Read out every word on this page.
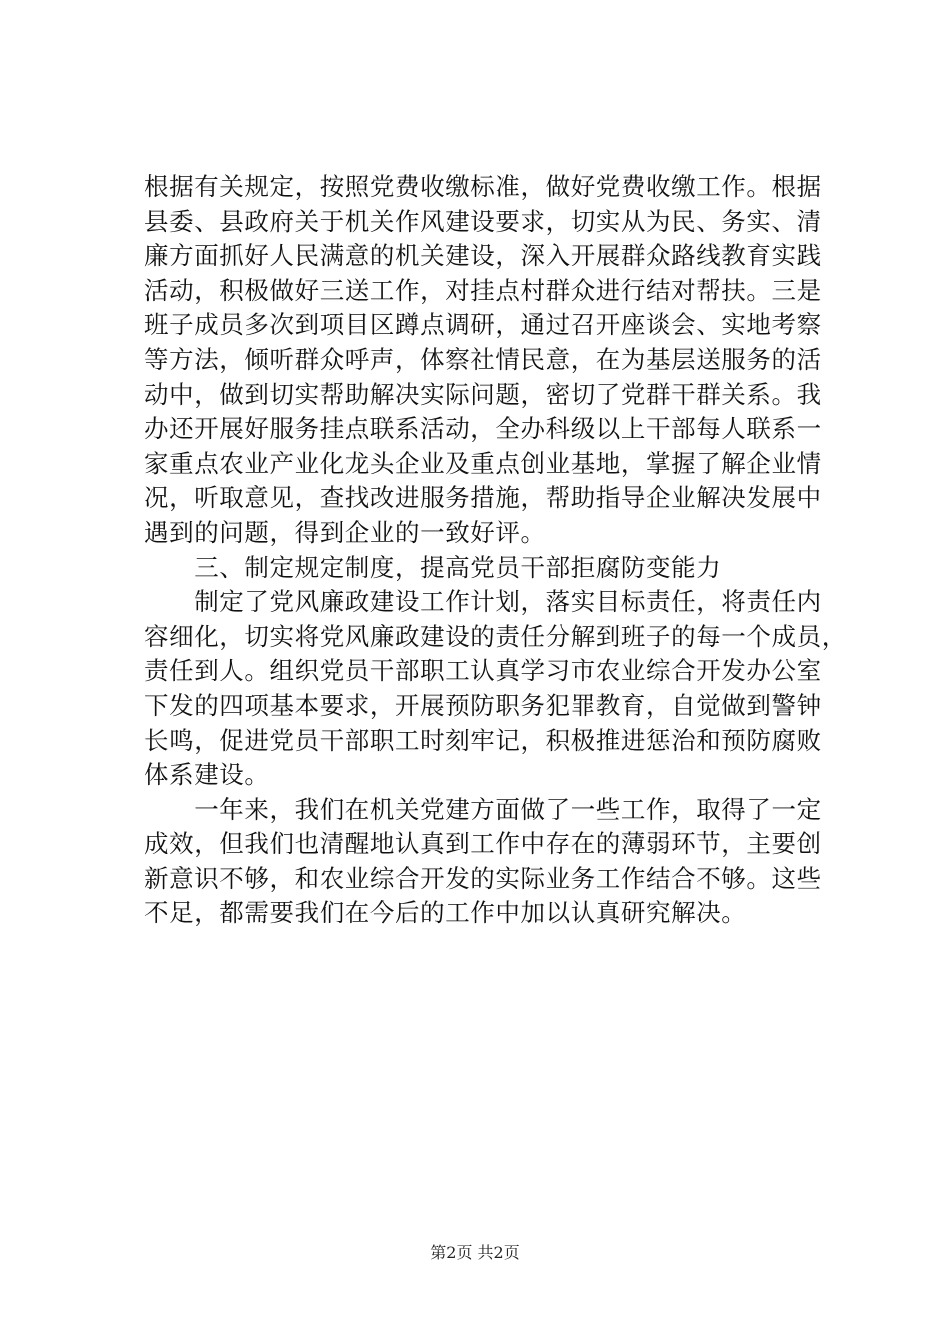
根据有关规定，按照党费收缴标准，做好党费收缴工作。根据
县委、县政府关于机关作风建设要求，切实从为民、务实、清
廉方面抓好人民满意的机关建设，深入开展群众路线教育实践
活动，积极做好三送工作，对挂点村群众进行结对帮扶。三是
班子成员多次到项目区蹲点调研，通过召开座谈会、实地考察
等方法，倾听群众呼声，体察社情民意，在为基层送服务的活
动中，做到切实帮助解决实际问题，密切了党群干群关系。我
办还开展好服务挂点联系活动，全办科级以上干部每人联系一
家重点农业产业化龙头企业及重点创业基地，掌握了解企业情
况，听取意见，查找改进服务措施，帮助指导企业解决发展中
遇到的问题，得到企业的一致好评。
　　三、制定规定制度，提高党员干部拒腐防变能力
　　制定了党风廉政建设工作计划，落实目标责任，将责任内
容细化，切实将党风廉政建设的责任分解到班子的每一个成员，
责任到人。组织党员干部职工认真学习市农业综合开发办公室
下发的四项基本要求，开展预防职务犯罪教育，自觉做到警钟
长鸣，促进党员干部职工时刻牢记，积极推进惩治和预防腐败
体系建设。
　　一年来，我们在机关党建方面做了一些工作，取得了一定
成效，但我们也清醒地认真到工作中存在的薄弱环节，主要创
新意识不够，和农业综合开发的实际业务工作结合不够。这些
不足，都需要我们在今后的工作中加以认真研究解决。
第2页 共2页
